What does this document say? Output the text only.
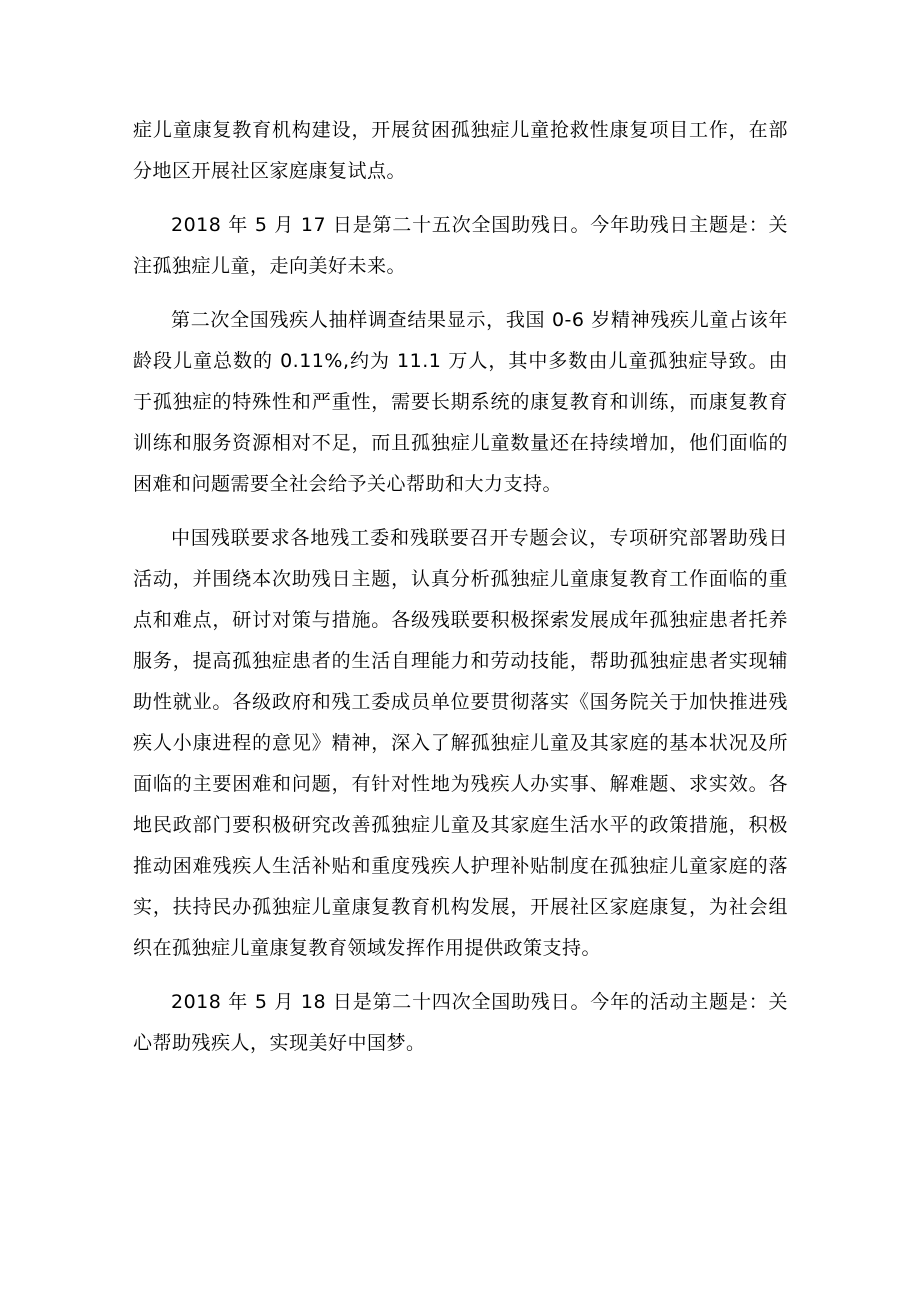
症儿童康复教育机构建设，开展贫困孤独症儿童抢救性康复项目工作，在部分地区开展社区家庭康复试点。

2018 年 5 月 17 日是第二十五次全国助残日。今年助残日主题是：关注孤独症儿童，走向美好未来。

第二次全国残疾人抽样调查结果显示，我国 0-6 岁精神残疾儿童占该年龄段儿童总数的 0.11%,约为 11.1 万人，其中多数由儿童孤独症导致。由于孤独症的特殊性和严重性，需要长期系统的康复教育和训练，而康复教育训练和服务资源相对不足，而且孤独症儿童数量还在持续增加，他们面临的困难和问题需要全社会给予关心帮助和大力支持。

中国残联要求各地残工委和残联要召开专题会议，专项研究部署助残日活动，并围绕本次助残日主题，认真分析孤独症儿童康复教育工作面临的重点和难点，研讨对策与措施。各级残联要积极探索发展成年孤独症患者托养服务，提高孤独症患者的生活自理能力和劳动技能，帮助孤独症患者实现辅助性就业。各级政府和残工委成员单位要贯彻落实《国务院关于加快推进残疾人小康进程的意见》精神，深入了解孤独症儿童及其家庭的基本状况及所面临的主要困难和问题，有针对性地为残疾人办实事、解难题、求实效。各地民政部门要积极研究改善孤独症儿童及其家庭生活水平的政策措施，积极推动困难残疾人生活补贴和重度残疾人护理补贴制度在孤独症儿童家庭的落实，扶持民办孤独症儿童康复教育机构发展，开展社区家庭康复，为社会组织在孤独症儿童康复教育领域发挥作用提供政策支持。

2018 年 5 月 18 日是第二十四次全国助残日。今年的活动主题是：关心帮助残疾人，实现美好中国梦。
